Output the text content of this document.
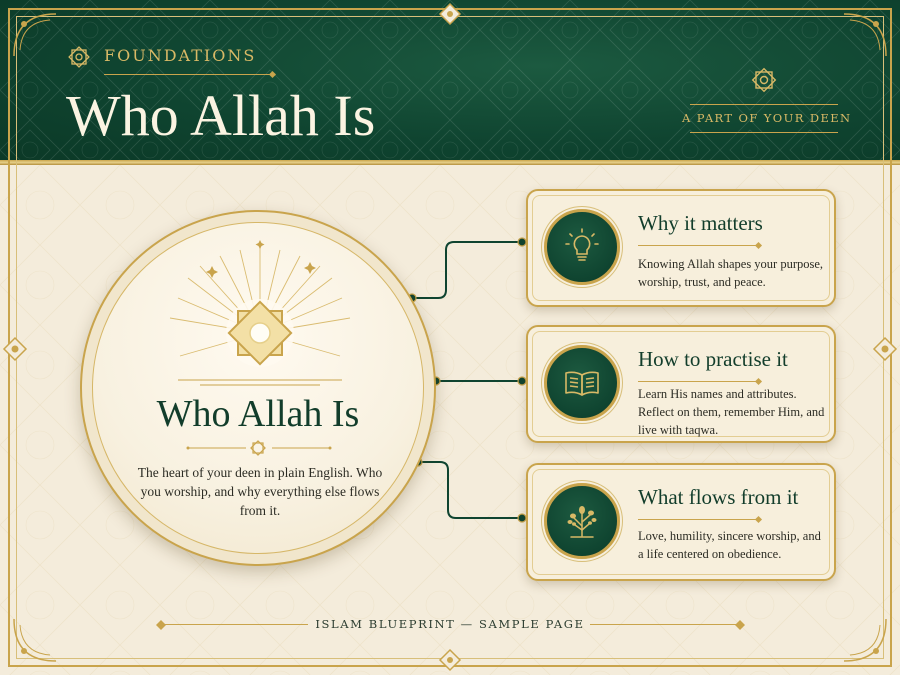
FOUNDATIONS
Who Allah Is	A PART OF YOUR DEEN
Who Allah Is
The heart of your deen in plain English. Who you worship, and why everything else flows from it.
Why it matters
Knowing Allah shapes your purpose, worship, trust, and peace.
How to practise it
Learn His names and attributes. Reflect on them, remember Him, and live with taqwa.
What flows from it
Love, humility, sincere worship, and a life centered on obedience.
ISLAM BLUEPRINT — SAMPLE PAGE
